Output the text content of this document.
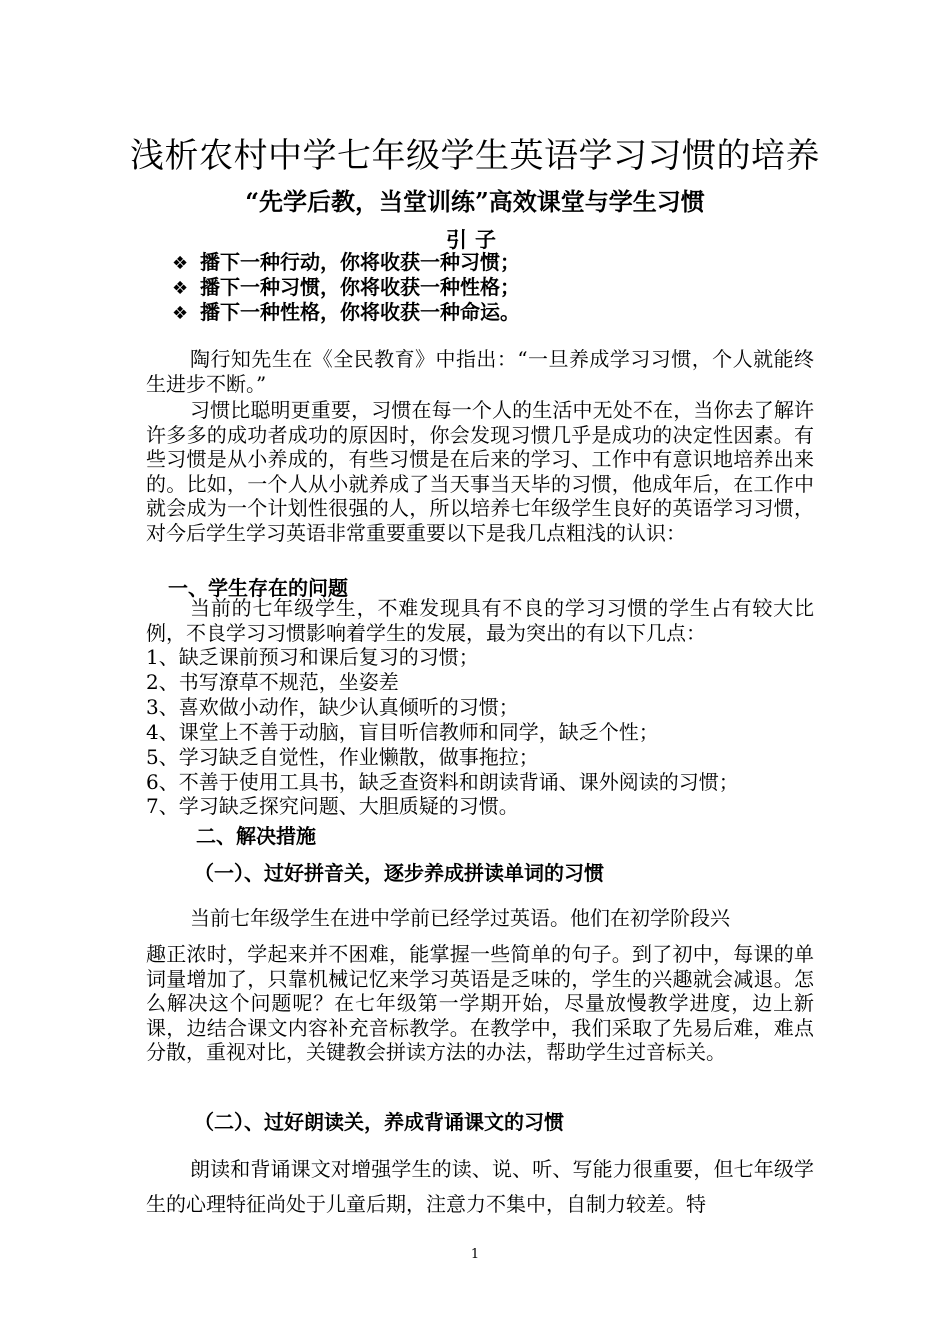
浅析农村中学七年级学生英语学习习惯的培养
“先学后教，当堂训练”高效课堂与学生习惯
引子
❖ 播下一种行动，你将收获一种习惯；
❖ 播下一种习惯，你将收获一种性格；
❖ 播下一种性格，你将收获一种命运。

陶行知先生在《全民教育》中指出：“一旦养成学习习惯，个人就能终生进步不断。”

习惯比聪明更重要，习惯在每一个人的生活中无处不在，当你去了解许许多多的成功者成功的原因时，你会发现习惯几乎是成功的决定性因素。有些习惯是从小养成的，有些习惯是在后来的学习、工作中有意识地培养出来的。比如，一个人从小就养成了当天事当天毕的习惯，他成年后，在工作中就会成为一个计划性很强的人，所以培养七年级学生良好的英语学习习惯，对今后学生学习英语非常重要重要以下是我几点粗浅的认识：

一、学生存在的问题

当前的七年级学生，不难发现具有不良的学习习惯的学生占有较大比例，不良学习习惯影响着学生的发展，最为突出的有以下几点：

1、缺乏课前预习和课后复习的习惯；
2、书写潦草不规范，坐姿差
3、喜欢做小动作，缺少认真倾听的习惯；
4、课堂上不善于动脑，盲目听信教师和同学，缺乏个性；
5、学习缺乏自觉性，作业懒散，做事拖拉；
6、不善于使用工具书，缺乏查资料和朗读背诵、课外阅读的习惯；
7、学习缺乏探究问题、大胆质疑的习惯。
二、解决措施
（一）、过好拼音关，逐步养成拼读单词的习惯

当前七年级学生在进中学前已经学过英语。他们在初学阶段兴

趣正浓时，学起来并不困难，能掌握一些简单的句子。到了初中，每课的单词量增加了，只靠机械记忆来学习英语是乏味的，学生的兴趣就会减退。怎么解决这个问题呢？在七年级第一学期开始，尽量放慢教学进度，边上新课，边结合课文内容补充音标教学。在教学中，我们采取了先易后难，难点分散，重视对比，关键教会拼读方法的办法，帮助学生过音标关。

（二）、过好朗读关，养成背诵课文的习惯

朗读和背诵课文对增强学生的读、说、听、写能力很重要，但七年级学生的心理特征尚处于儿童后期，注意力不集中，自制力较差。特

1
